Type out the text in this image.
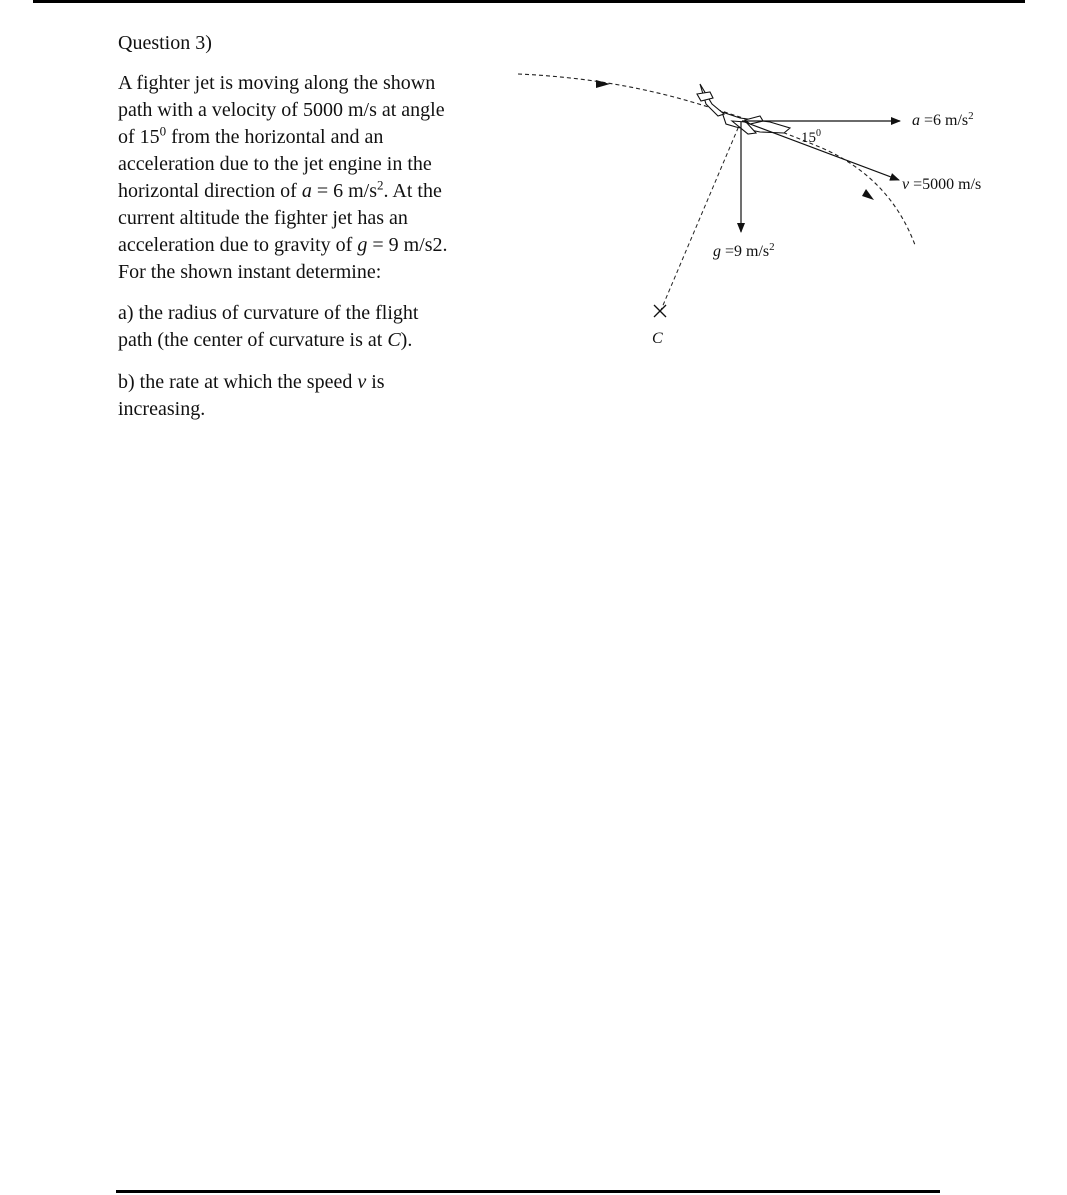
Question 3)
A fighter jet is moving along the shown
path with a velocity of 5000 m/s at angle
of $15^0$ from the horizontal and an
acceleration due to the jet engine in the
horizontal direction of a = 6 $m/s^2$. At the
current altitude the fighter jet has an
acceleration due to gravity of g = 9 m/s2.
For the shown instant determine:
a) the radius of curvature of the flight
path (the center of curvature is at C).
b) the rate at which the speed v is
increasing.
C
a =6 $m/s^2$
v =5000 m/s
$15^0$
g =9 $m/s^2$
